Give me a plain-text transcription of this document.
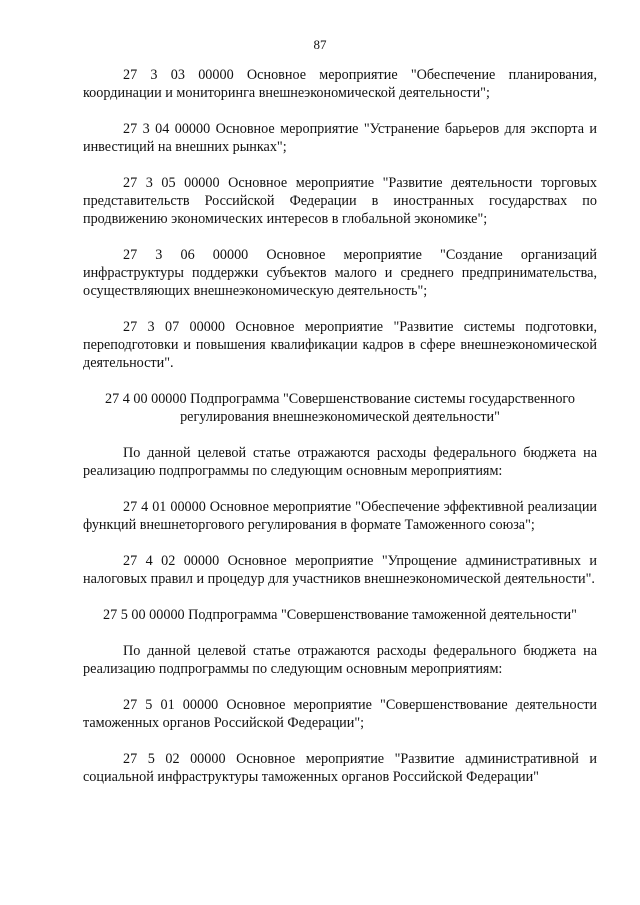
87

27 3 03 00000 Основное мероприятие "Обеспечение планирования, координации и мониторинга внешнеэкономической деятельности";

27 3 04 00000 Основное мероприятие "Устранение барьеров для экспорта и инвестиций на внешних рынках";

27 3 05 00000 Основное мероприятие "Развитие деятельности торговых представительств Российской Федерации в иностранных государствах по продвижению экономических интересов в глобальной экономике";

27 3 06 00000 Основное мероприятие "Создание организаций инфраструктуры поддержки субъектов малого и среднего предпринимательства, осуществляющих внешнеэкономическую деятельность";

27 3 07 00000 Основное мероприятие "Развитие системы подготовки, переподготовки и повышения квалификации кадров в сфере внешнеэкономической деятельности".

27 4 00 00000 Подпрограмма "Совершенствование системы государственного регулирования внешнеэкономической деятельности"

По данной целевой статье отражаются расходы федерального бюджета на реализацию подпрограммы по следующим основным мероприятиям:

27 4 01 00000 Основное мероприятие "Обеспечение эффективной реализации функций внешнеторгового регулирования в формате Таможенного союза";

27 4 02 00000 Основное мероприятие "Упрощение административных и налоговых правил и процедур для участников внешнеэкономической деятельности".

27 5 00 00000 Подпрограмма "Совершенствование таможенной деятельности"

По данной целевой статье отражаются расходы федерального бюджета на реализацию подпрограммы по следующим основным мероприятиям:

27 5 01 00000 Основное мероприятие "Совершенствование деятельности таможенных органов Российской Федерации";

27 5 02 00000 Основное мероприятие "Развитие административной и социальной инфраструктуры таможенных органов Российской Федерации"
